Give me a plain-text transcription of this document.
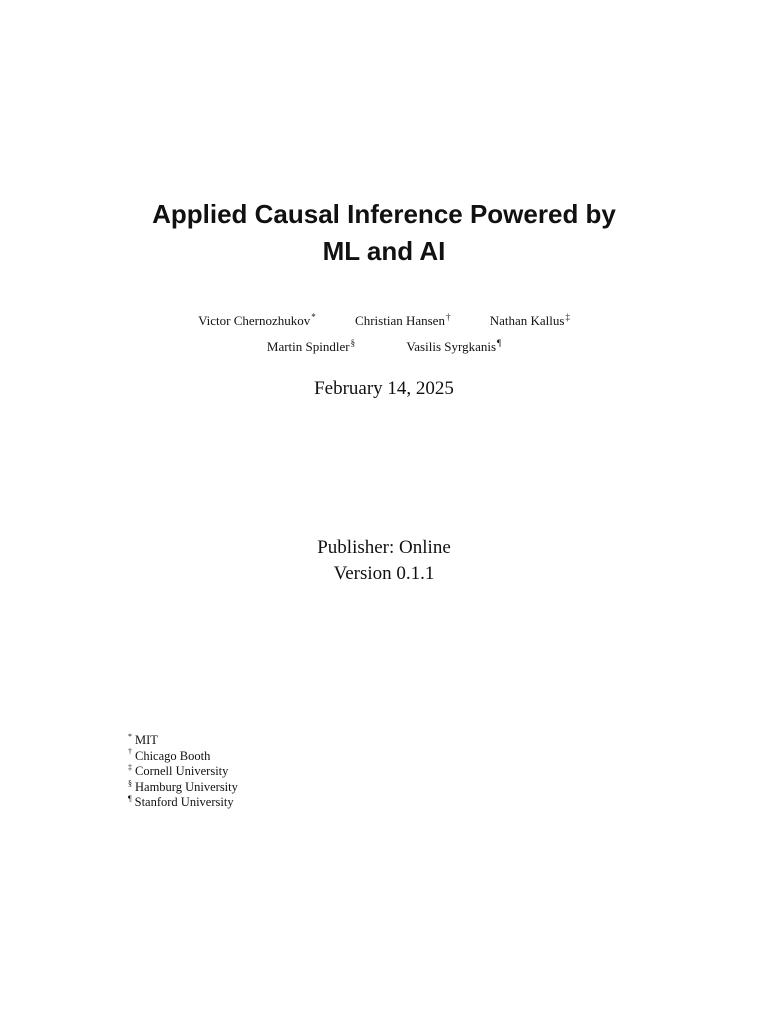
Applied Causal Inference Powered by
ML and AI
Victor Chernozhukov*	Christian Hansen†	Nathan Kallus‡
Martin Spindler§	Vasilis Syrgkanis¶
February 14, 2025
Publisher: Online
Version 0.1.1
* MIT
† Chicago Booth
‡ Cornell University
§ Hamburg University
¶ Stanford University
